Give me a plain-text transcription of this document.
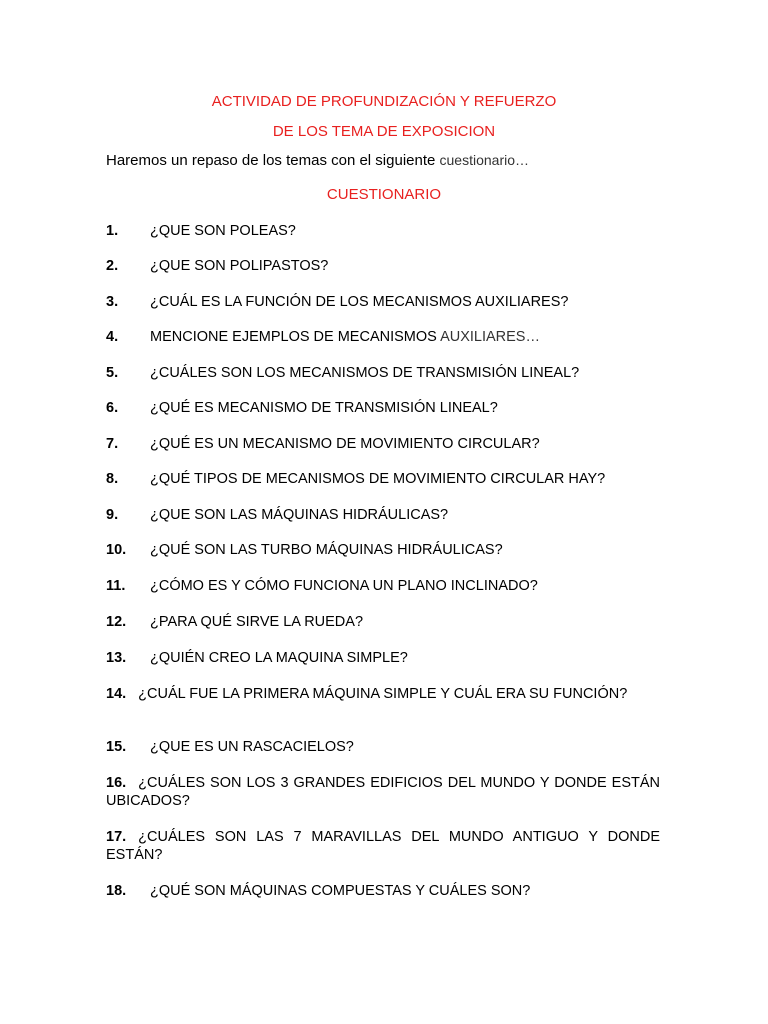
ACTIVIDAD DE PROFUNDIZACIÓN Y REFUERZO
DE LOS TEMA DE EXPOSICION

Haremos un repaso de los temas con el siguiente cuestionario…

CUESTIONARIO
1. ¿QUE SON POLEAS?
2. ¿QUE SON POLIPASTOS?
3. ¿CUÁL ES LA FUNCIÓN DE LOS MECANISMOS AUXILIARES?
4. MENCIONE EJEMPLOS DE MECANISMOS AUXILIARES…
5. ¿CUÁLES SON LOS MECANISMOS DE TRANSMISIÓN LINEAL?
6. ¿QUÉ ES MECANISMO DE TRANSMISIÓN LINEAL?
7. ¿QUÉ ES UN MECANISMO DE MOVIMIENTO CIRCULAR?
8. ¿QUÉ TIPOS DE MECANISMOS DE MOVIMIENTO CIRCULAR HAY?
9. ¿QUE SON LAS MÁQUINAS HIDRÁULICAS?
10. ¿QUÉ SON LAS TURBO MÁQUINAS HIDRÁULICAS?
11. ¿CÓMO ES Y CÓMO FUNCIONA UN PLANO INCLINADO?
12. ¿PARA QUÉ SIRVE LA RUEDA?
13. ¿QUIÉN CREO LA MAQUINA SIMPLE?
14. ¿CUÁL FUE LA PRIMERA MÁQUINA SIMPLE Y CUÁL ERA SU FUNCIÓN?
15. ¿QUE ES UN RASCACIELOS?
16. ¿CUÁLES SON LOS 3 GRANDES EDIFICIOS DEL MUNDO Y DONDE ESTÁN UBICADOS?
17. ¿CUÁLES SON LAS 7 MARAVILLAS DEL MUNDO ANTIGUO Y DONDE ESTÁN?
18. ¿QUÉ SON MÁQUINAS COMPUESTAS Y CUÁLES SON?
